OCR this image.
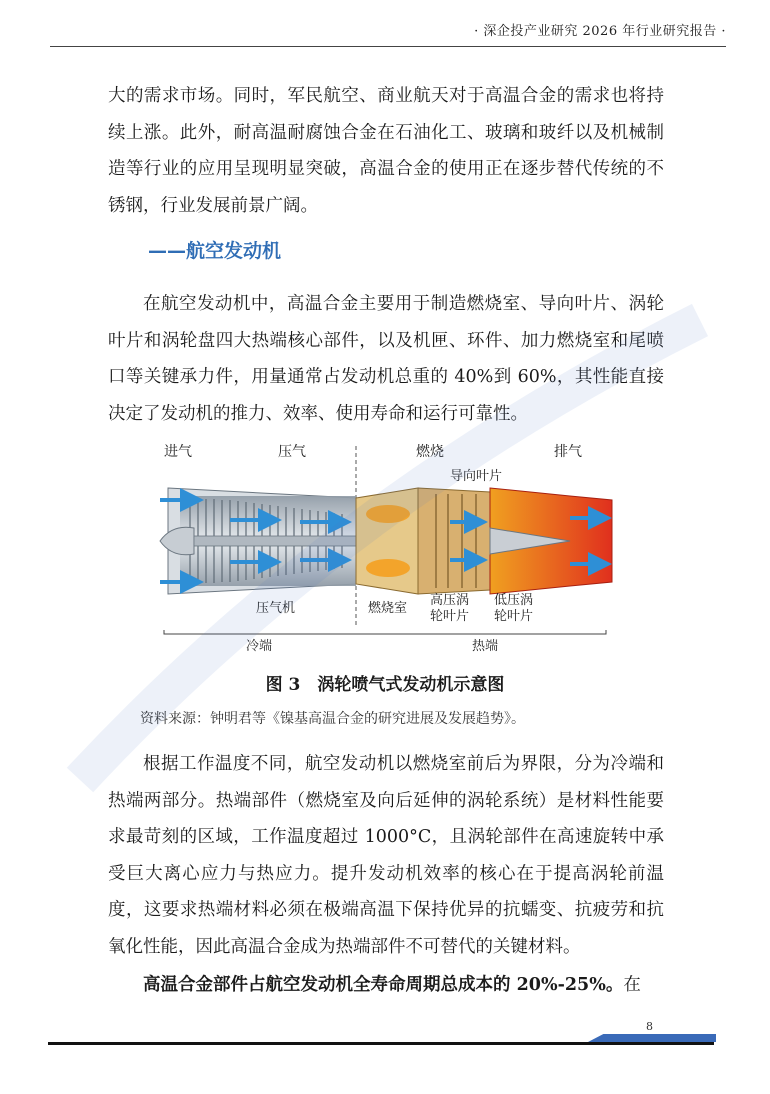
· 深企投产业研究 2026 年行业研究报告 ·

大的需求市场。同时，军民航空、商业航天对于高温合金的需求也将持续上涨。此外，耐高温耐腐蚀合金在石油化工、玻璃和玻纤以及机械制造等行业的应用呈现明显突破，高温合金的使用正在逐步替代传统的不锈钢，行业发展前景广阔。

——航空发动机

在航空发动机中，高温合金主要用于制造燃烧室、导向叶片、涡轮叶片和涡轮盘四大热端核心部件，以及机匣、环件、加力燃烧室和尾喷口等关键承力件，用量通常占发动机总重的 40%到 60%，其性能直接决定了发动机的推力、效率、使用寿命和运行可靠性。

进气	压气	燃烧	排气
导向叶片
压气机	燃烧室
高压涡
轮叶片
低压涡
轮叶片
冷端	热端
图 3　涡轮喷气式发动机示意图
资料来源：钟明君等《镍基高温合金的研究进展及发展趋势》。

根据工作温度不同，航空发动机以燃烧室前后为界限，分为冷端和热端两部分。热端部件（燃烧室及向后延伸的涡轮系统）是材料性能要求最苛刻的区域，工作温度超过 1000°C，且涡轮部件在高速旋转中承受巨大离心应力与热应力。提升发动机效率的核心在于提高涡轮前温度，这要求热端材料必须在极端高温下保持优异的抗蠕变、抗疲劳和抗氧化性能，因此高温合金成为热端部件不可替代的关键材料。

高温合金部件占航空发动机全寿命周期总成本的 20%-25%。在

8
